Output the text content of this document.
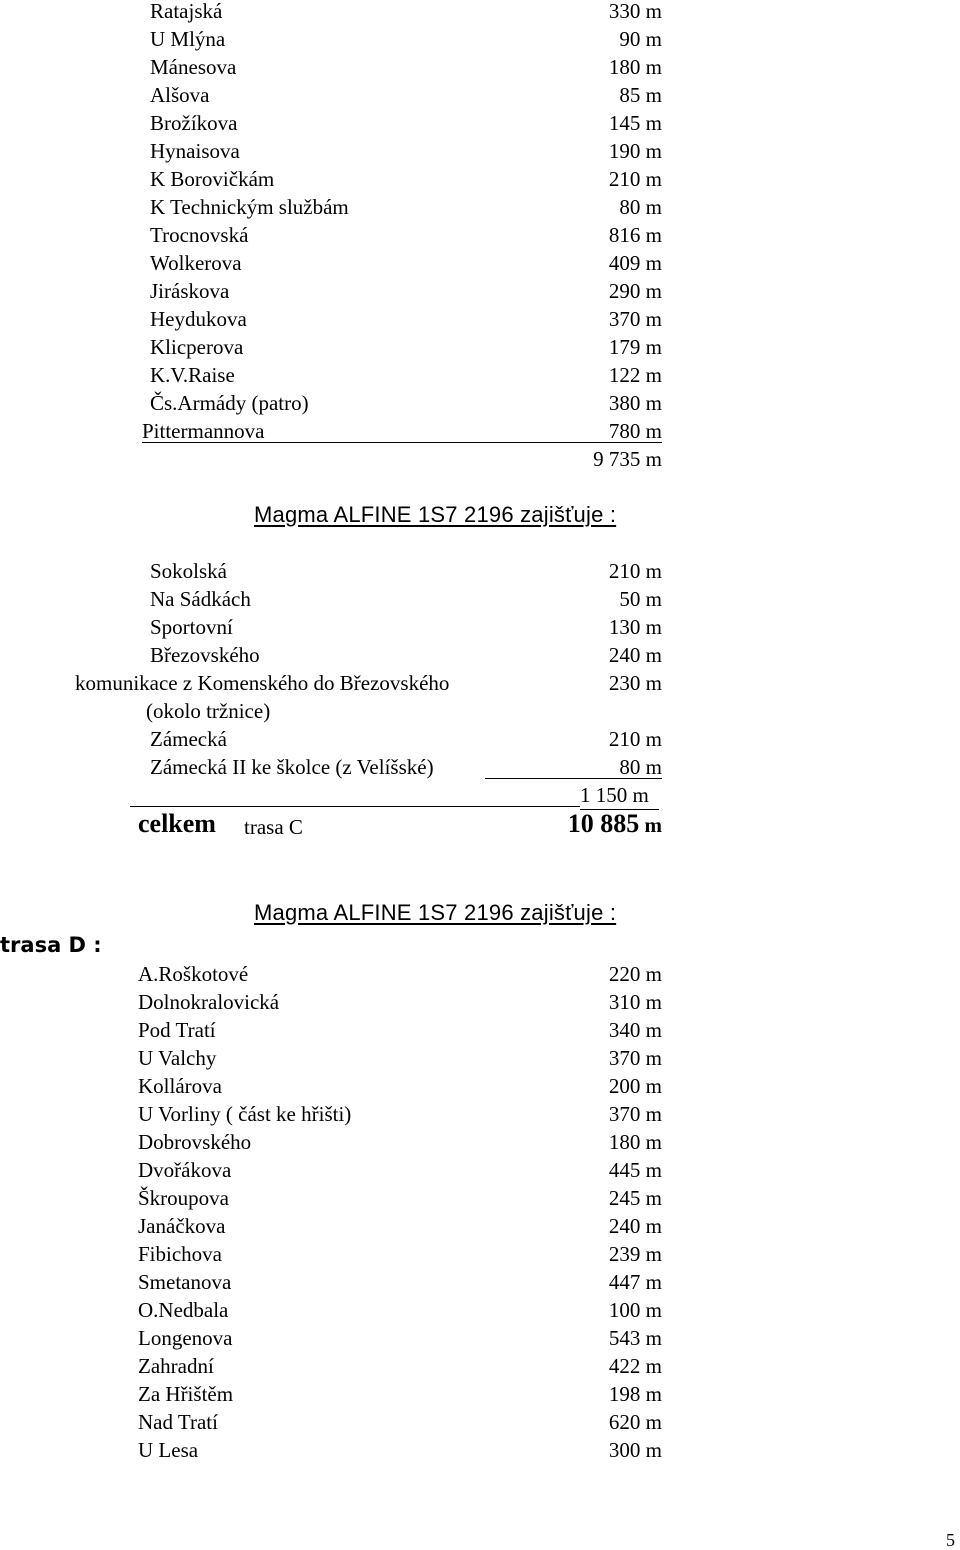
Ratajská	330 m
U Mlýna	90 m
Mánesova	180 m
Alšova	85 m
Brožíkova	145 m
Hynaisova	190 m
K Borovičkám	210 m
K Technickým službám	80 m
Trocnovská	816 m
Wolkerova	409 m
Jiráskova	290 m
Heydukova	370 m
Klicperova	179 m
K.V.Raise	122 m
Čs.Armády (patro)	380 m
Pittermannova	780 m
9 735 m
Magma ALFINE 1S7 2196 zajišťuje :
Sokolská	210 m
Na Sádkách	50 m
Sportovní	130 m
Březovského	240 m
komunikace z Komenského do Březovského	230 m
(okolo tržnice)
Zámecká	210 m
Zámecká II ke školce (z Velíšské)	80 m
1 150 m
celkem trasa C	10 885 m
Magma ALFINE 1S7 2196 zajišťuje :
trasa D :
A.Roškotové	220 m
Dolnokralovická	310 m
Pod Tratí	340 m
U Valchy	370 m
Kollárova	200 m
U Vorliny ( část ke hřišti)	370 m
Dobrovského	180 m
Dvořákova	445 m
Škroupova	245 m
Janáčkova	240 m
Fibichova	239 m
Smetanova	447 m
O.Nedbala	100 m
Longenova	543 m
Zahradní	422 m
Za Hřištěm	198 m
Nad Tratí	620 m
U Lesa	300 m
5
